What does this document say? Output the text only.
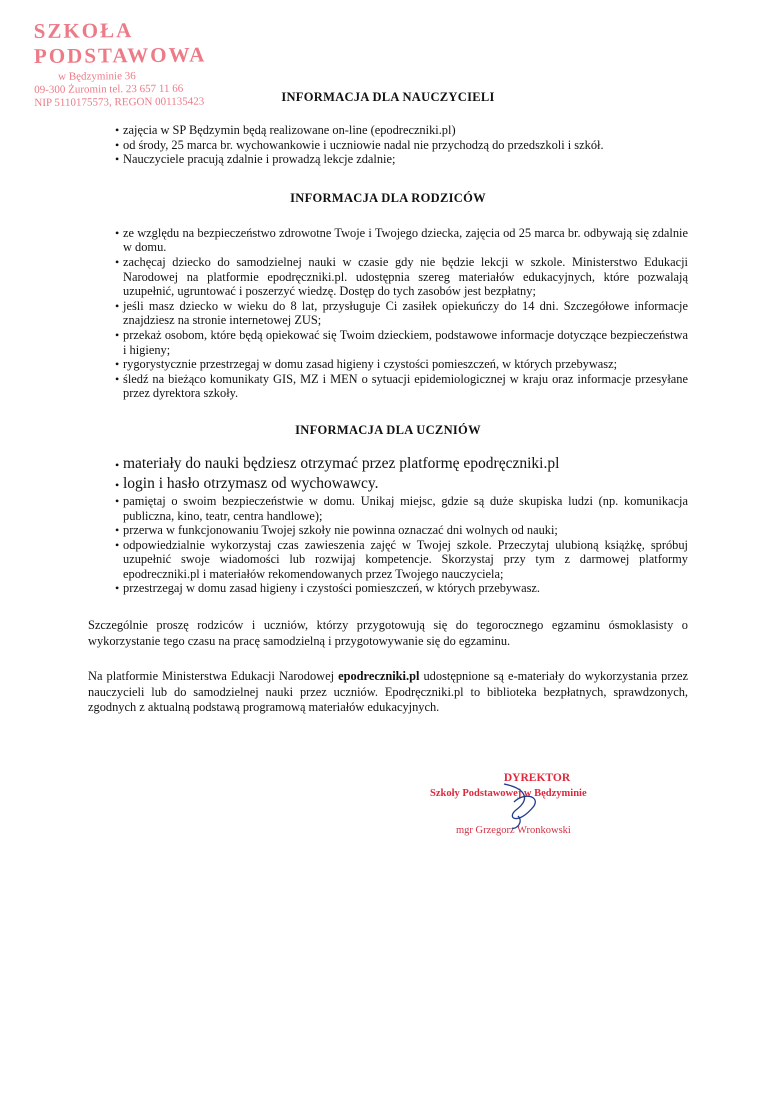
SZKOŁA PODSTAWOWA
w Będzyminie 36
09-300 Żuromin tel. 23 657 11 66
NIP 5110175573, REGON 001135423	INFORMACJA DLA NAUCZYCIELI
• zajęcia w SP Będzymin będą realizowane on-line (epodreczniki.pl)
• od środy, 25 marca br. wychowankowie i uczniowie nadal nie przychodzą do przedszkoli i szkół.
• Nauczyciele pracują zdalnie i prowadzą lekcje zdalnie;
INFORMACJA DLA RODZICÓW
• ze względu na bezpieczeństwo zdrowotne Twoje i Twojego dziecka, zajęcia od 25 marca br. odbywają się zdalnie w domu.
• zachęcaj dziecko do samodzielnej nauki w czasie gdy nie będzie lekcji w szkole. Ministerstwo Edukacji Narodowej na platformie epodręczniki.pl. udostępnia szereg materiałów edukacyjnych, które pozwalają uzupełnić, ugruntować i poszerzyć wiedzę. Dostęp do tych zasobów jest bezpłatny;
• jeśli masz dziecko w wieku do 8 lat, przysługuje Ci zasiłek opiekuńczy do 14 dni. Szczegółowe informacje znajdziesz na stronie internetowej ZUS;
• przekaż osobom, które będą opiekować się Twoim dzieckiem, podstawowe informacje dotyczące bezpieczeństwa i higieny;
• rygorystycznie przestrzegaj w domu zasad higieny i czystości pomieszczeń, w których przebywasz;
• śledź na bieżąco komunikaty GIS, MZ i MEN o sytuacji epidemiologicznej w kraju oraz informacje przesyłane przez dyrektora szkoły.
INFORMACJA DLA UCZNIÓW
• materiały do nauki będziesz otrzymać przez platformę epodręczniki.pl
• login i hasło otrzymasz od wychowawcy.
• pamiętaj o swoim bezpieczeństwie w domu. Unikaj miejsc, gdzie są duże skupiska ludzi (np. komunikacja publiczna, kino, teatr, centra handlowe);
• przerwa w funkcjonowaniu Twojej szkoły nie powinna oznaczać dni wolnych od nauki;
• odpowiedzialnie wykorzystaj czas zawieszenia zajęć w Twojej szkole. Przeczytaj ulubioną książkę, spróbuj uzupełnić swoje wiadomości lub rozwijaj kompetencje. Skorzystaj przy tym z darmowej platformy epodreczniki.pl i materiałów rekomendowanych przez Twojego nauczyciela;
• przestrzegaj w domu zasad higieny i czystości pomieszczeń, w których przebywasz.

Szczególnie proszę rodziców i uczniów, którzy przygotowują się do tegorocznego egzaminu ósmoklasisty o wykorzystanie tego czasu na pracę samodzielną i przygotowywanie się do egzaminu.

Na platformie Ministerstwa Edukacji Narodowej epodreczniki.pl udostępnione są e-materiały do wykorzystania przez nauczycieli lub do samodzielnej nauki przez uczniów. Epodręczniki.pl to biblioteka bezpłatnych, sprawdzonych, zgodnych z aktualną podstawą programową materiałów edukacyjnych.

DYREKTOR
Szkoły Podstawowej w Będzyminie
mgr Grzegorz Wronkowski
